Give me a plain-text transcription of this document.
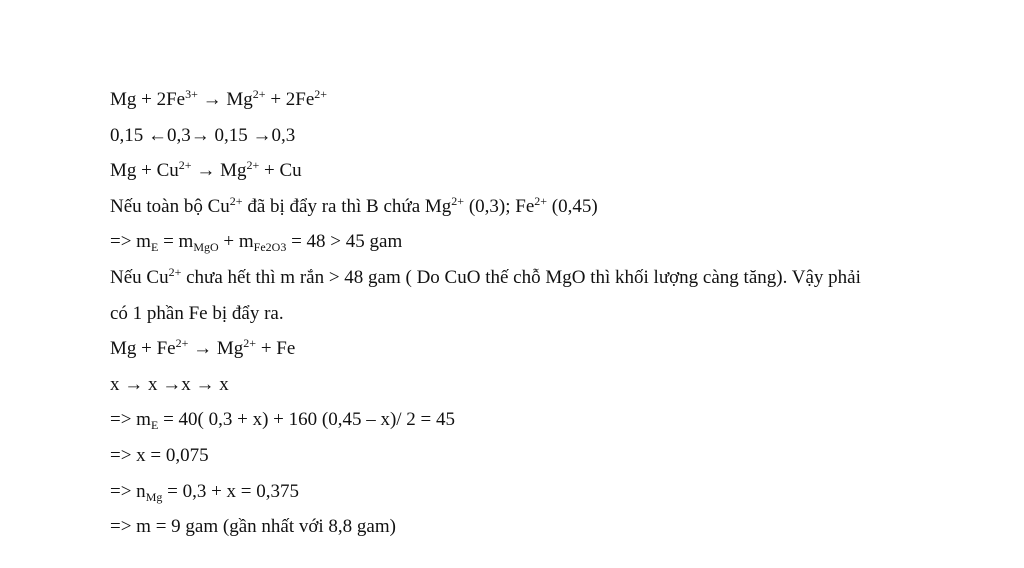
$Mg + 2Fe^{3+} \to Mg^{2+} + 2Fe^{2+}$
0,15 ←0,3→ 0,15 →0,3
$Mg + Cu^{2+} \to Mg^{2+} + Cu$
Nếu toàn bộ $Cu^{2+}$ đã bị đẩy ra thì B chứa $Mg^{2+}$ (0,3); $Fe^{2+}$ (0,45)
=> $m_E = m_{MgO} + m_{Fe2O3} = 48 > 45$ gam
Nếu $Cu^{2+}$ chưa hết thì m rắn > 48 gam ( Do CuO thế chỗ MgO thì khối lượng càng tăng). Vậy phải
có 1 phần Fe bị đẩy ra.
$Mg + Fe^{2+} \to Mg^{2+} + Fe$
x → x →x → x
=> $m_E = 40$( 0,3 + x) + 160 (0,45 – x)/ 2 = 45
=> x = 0,075
=> $n_{Mg} = 0,3 + x = 0,375$
=> m = 9 gam (gần nhất với 8,8 gam)
